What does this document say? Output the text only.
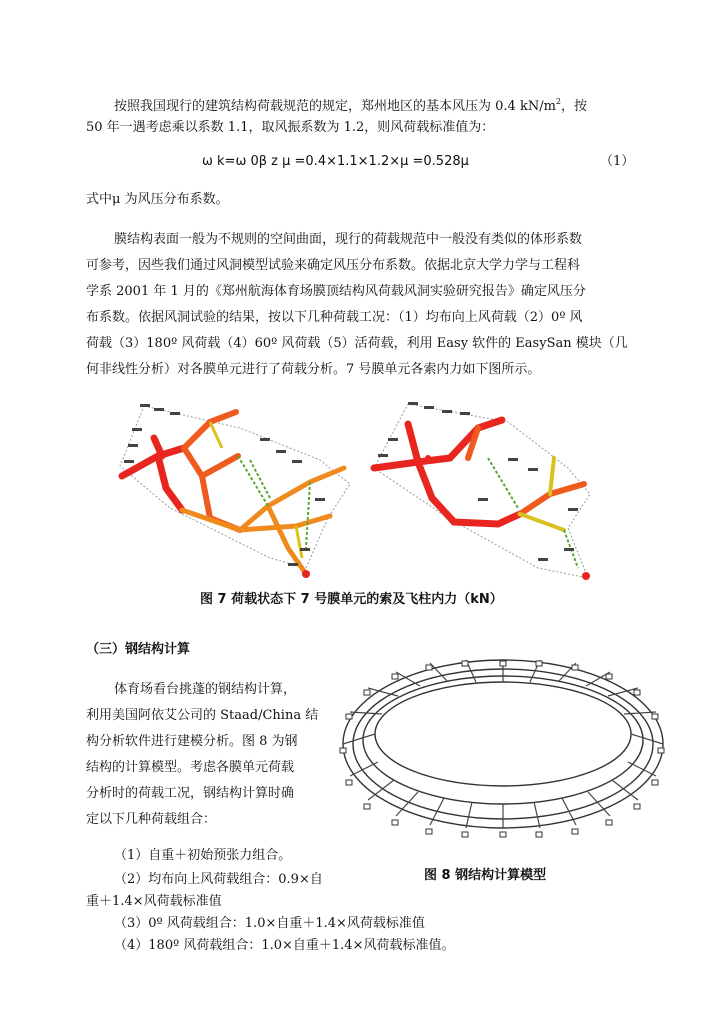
按照我国现行的建筑结构荷载规范的规定，郑州地区的基本风压为 0.4 $kN/m^2$，按
50 年一遇考虑乘以系数 1.1，取风振系数为 1.2，则风荷载标准值为：
ω k=ω 0β z μ =0.4×1.1×1.2×μ =0.528μ	（1）
式中μ 为风压分布系数。
膜结构表面一般为不规则的空间曲面，现行的荷载规范中一般没有类似的体形系数
可参考，因些我们通过风洞模型试验来确定风压分布系数。依据北京大学力学与工程科
学系 2001 年 1 月的《郑州航海体育场膜顶结构风荷载风洞实验研究报告》确定风压分
布系数。依据风洞试验的结果，按以下几种荷载工况：（1）均布向上风荷载（2）0º 风
荷载（3）180º 风荷载（4）60º 风荷载（5）活荷载，利用 Easy 软件的 EasySan 模块（几
何非线性分析）对各膜单元进行了荷载分析。7 号膜单元各索内力如下图所示。
图 7 荷载状态下 7 号膜单元的索及飞柱内力（kN）
（三）钢结构计算
体育场看台挑蓬的钢结构计算，
利用美国阿依艾公司的 Staad/China 结
构分析软件进行建模分析。图 8 为钢
结构的计算模型。考虑各膜单元荷载
分析时的荷载工况，钢结构计算时确
定以下几种荷载组合：
图 8 钢结构计算模型
（1）自重＋初始预张力组合。
（2）均布向上风荷载组合：0.9×自
重＋1.4×风荷载标准值
（3）0º 风荷载组合：1.0×自重＋1.4×风荷载标准值
（4）180º 风荷载组合：1.0×自重＋1.4×风荷载标准值。
